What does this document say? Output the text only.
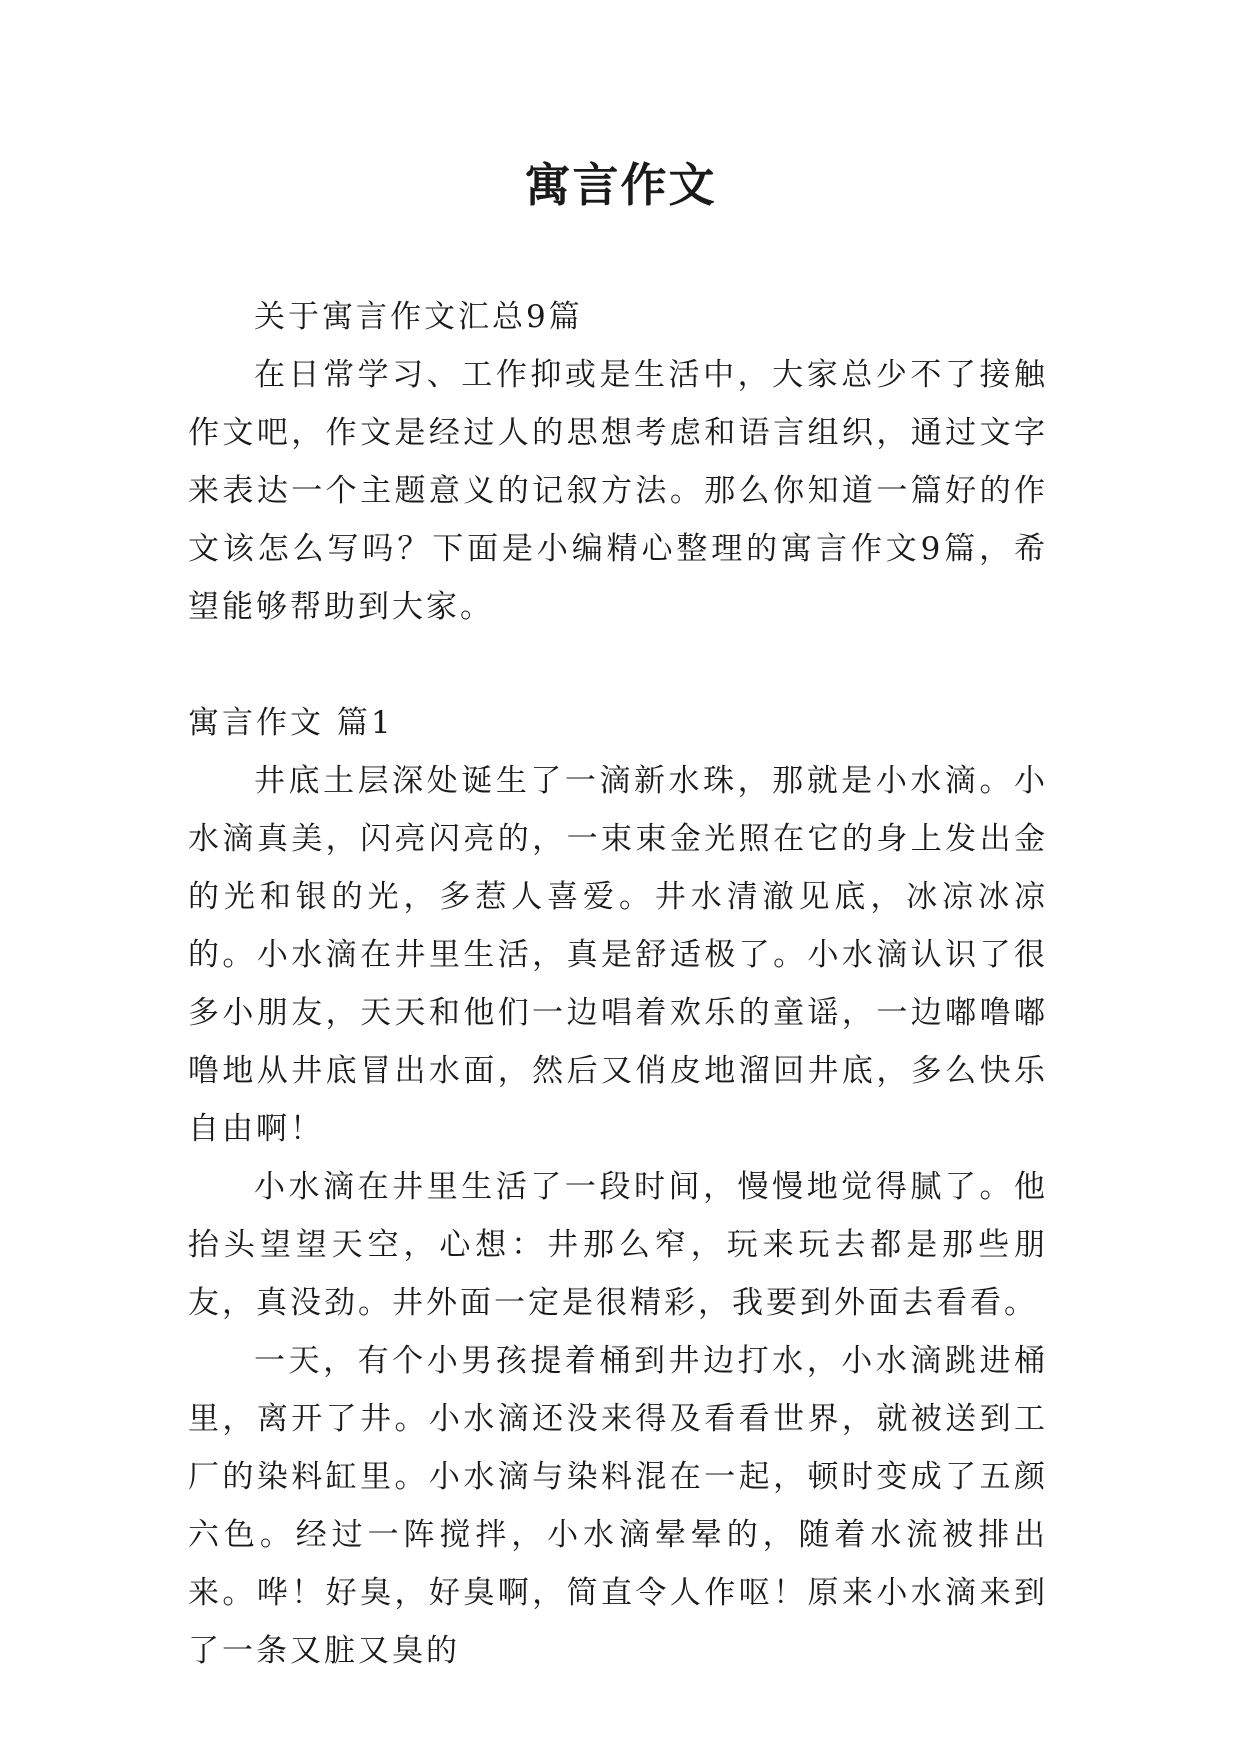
寓言作文

关于寓言作文汇总9篇

在日常学习、工作抑或是生活中，大家总少不了接触作文吧，作文是经过人的思想考虑和语言组织，通过文字来表达一个主题意义的记叙方法。那么你知道一篇好的作文该怎么写吗？下面是小编精心整理的寓言作文9篇，希望能够帮助到大家。

寓言作文 篇1

井底土层深处诞生了一滴新水珠，那就是小水滴。小水滴真美，闪亮闪亮的，一束束金光照在它的身上发出金的光和银的光，多惹人喜爱。井水清澈见底，冰凉冰凉的。小水滴在井里生活，真是舒适极了。小水滴认识了很多小朋友，天天和他们一边唱着欢乐的童谣，一边嘟噜嘟噜地从井底冒出水面，然后又俏皮地溜回井底，多么快乐自由啊！

小水滴在井里生活了一段时间，慢慢地觉得腻了。他抬头望望天空，心想：井那么窄，玩来玩去都是那些朋友，真没劲。井外面一定是很精彩，我要到外面去看看。

一天，有个小男孩提着桶到井边打水，小水滴跳进桶里，离开了井。小水滴还没来得及看看世界，就被送到工厂的染料缸里。小水滴与染料混在一起，顿时变成了五颜六色。经过一阵搅拌，小水滴晕晕的，随着水流被排出来。哗！好臭，好臭啊，简直令人作呕！原来小水滴来到了一条又脏又臭的
